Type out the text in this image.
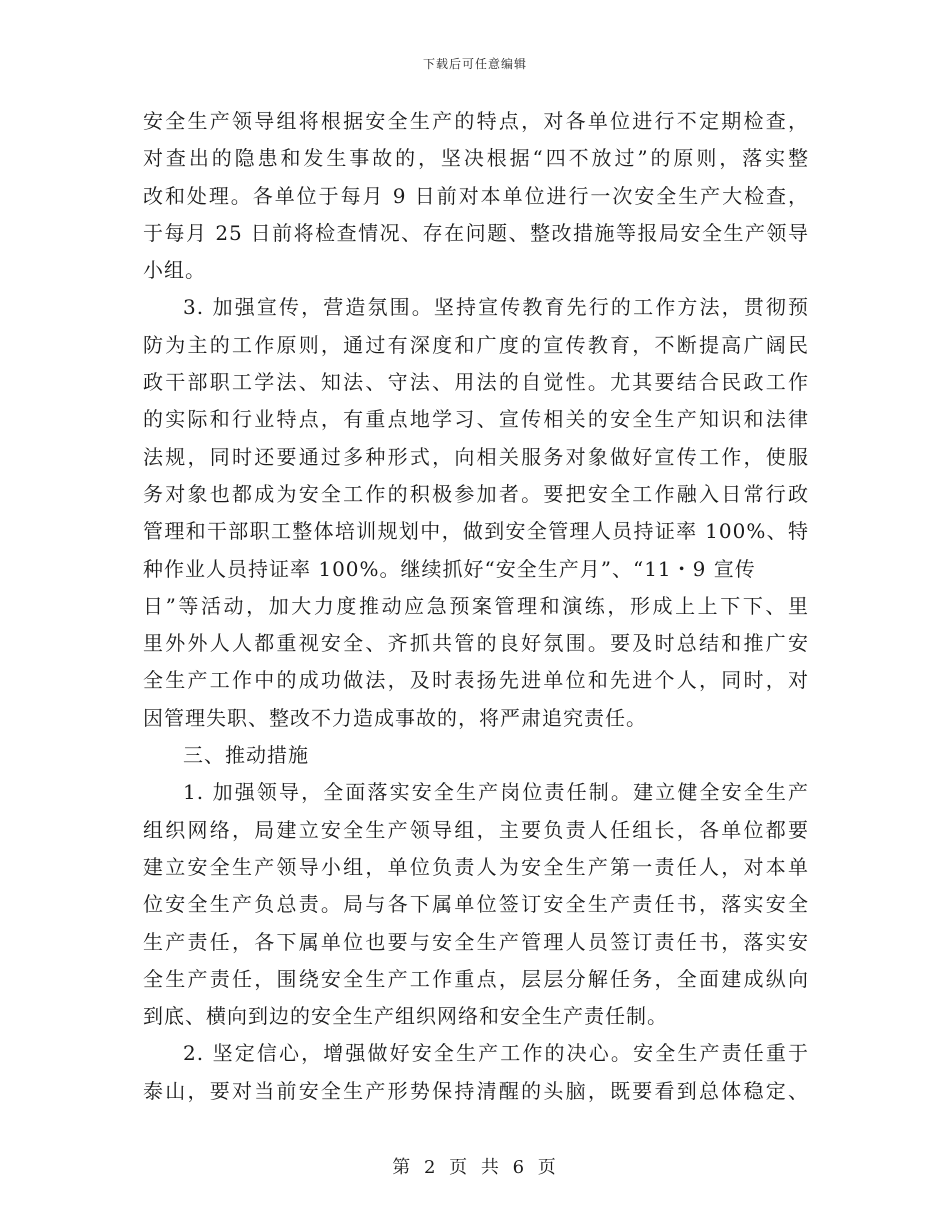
下载后可任意编辑
安全生产领导组将根据安全生产的特点，对各单位进行不定期检查，
对查出的隐患和发生事故的，坚决根据“四不放过”的原则，落实整
改和处理。各单位于每月 9 日前对本单位进行一次安全生产大检查，
于每月 25 日前将检查情况、存在问题、整改措施等报局安全生产领导
小组。
3. 加强宣传，营造氛围。坚持宣传教育先行的工作方法，贯彻预
防为主的工作原则，通过有深度和广度的宣传教育，不断提高广阔民
政干部职工学法、知法、守法、用法的自觉性。尤其要结合民政工作
的实际和行业特点，有重点地学习、宣传相关的安全生产知识和法律
法规，同时还要通过多种形式，向相关服务对象做好宣传工作，使服
务对象也都成为安全工作的积极参加者。要把安全工作融入日常行政
管理和干部职工整体培训规划中，做到安全管理人员持证率 100%、特
种作业人员持证率 100%。继续抓好“安全生产月”、“11・9 宣传
日”等活动，加大力度推动应急预案管理和演练，形成上上下下、里
里外外人人都重视安全、齐抓共管的良好氛围。要及时总结和推广安
全生产工作中的成功做法，及时表扬先进单位和先进个人，同时，对
因管理失职、整改不力造成事故的，将严肃追究责任。
三、推动措施
1. 加强领导，全面落实安全生产岗位责任制。建立健全安全生产
组织网络，局建立安全生产领导组，主要负责人任组长，各单位都要
建立安全生产领导小组，单位负责人为安全生产第一责任人，对本单
位安全生产负总责。局与各下属单位签订安全生产责任书，落实安全
生产责任，各下属单位也要与安全生产管理人员签订责任书，落实安
全生产责任，围绕安全生产工作重点，层层分解任务，全面建成纵向
到底、横向到边的安全生产组织网络和安全生产责任制。
2. 坚定信心，增强做好安全生产工作的决心。安全生产责任重于
泰山，要对当前安全生产形势保持清醒的头脑，既要看到总体稳定、
第 2 页 共 6 页
